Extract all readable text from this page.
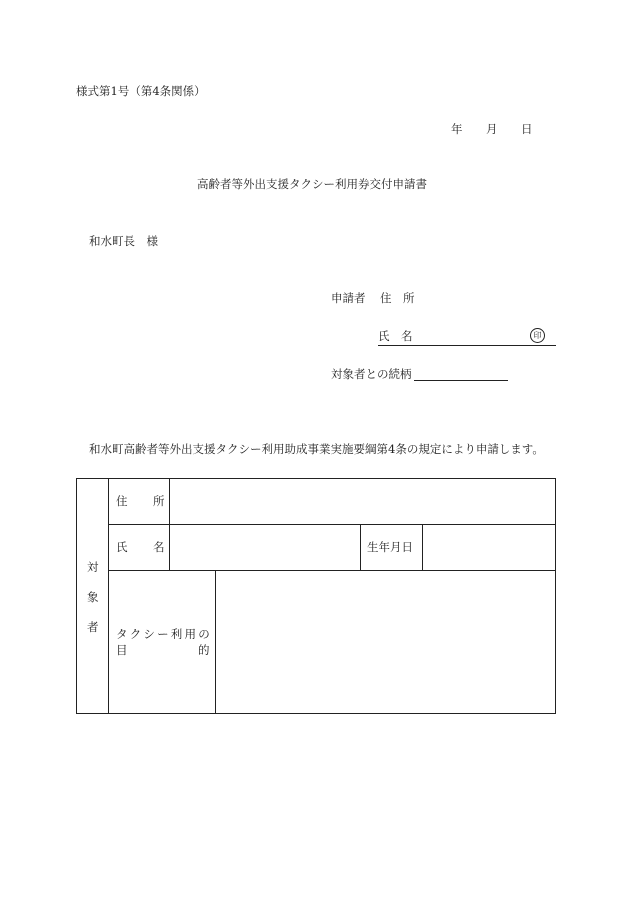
様式第1号（第4条関係）
年 月 日
高齢者等外出支援タクシー利用券交付申請書
和水町長　様
申請者 住　所
氏　名	印
対象者との続柄
和水町高齢者等外出支援タクシー利用助成事業実施要綱第4条の規定により申請します。
対
象
者
住 所
氏 名	生年月日
タクシー利用の
目	的
